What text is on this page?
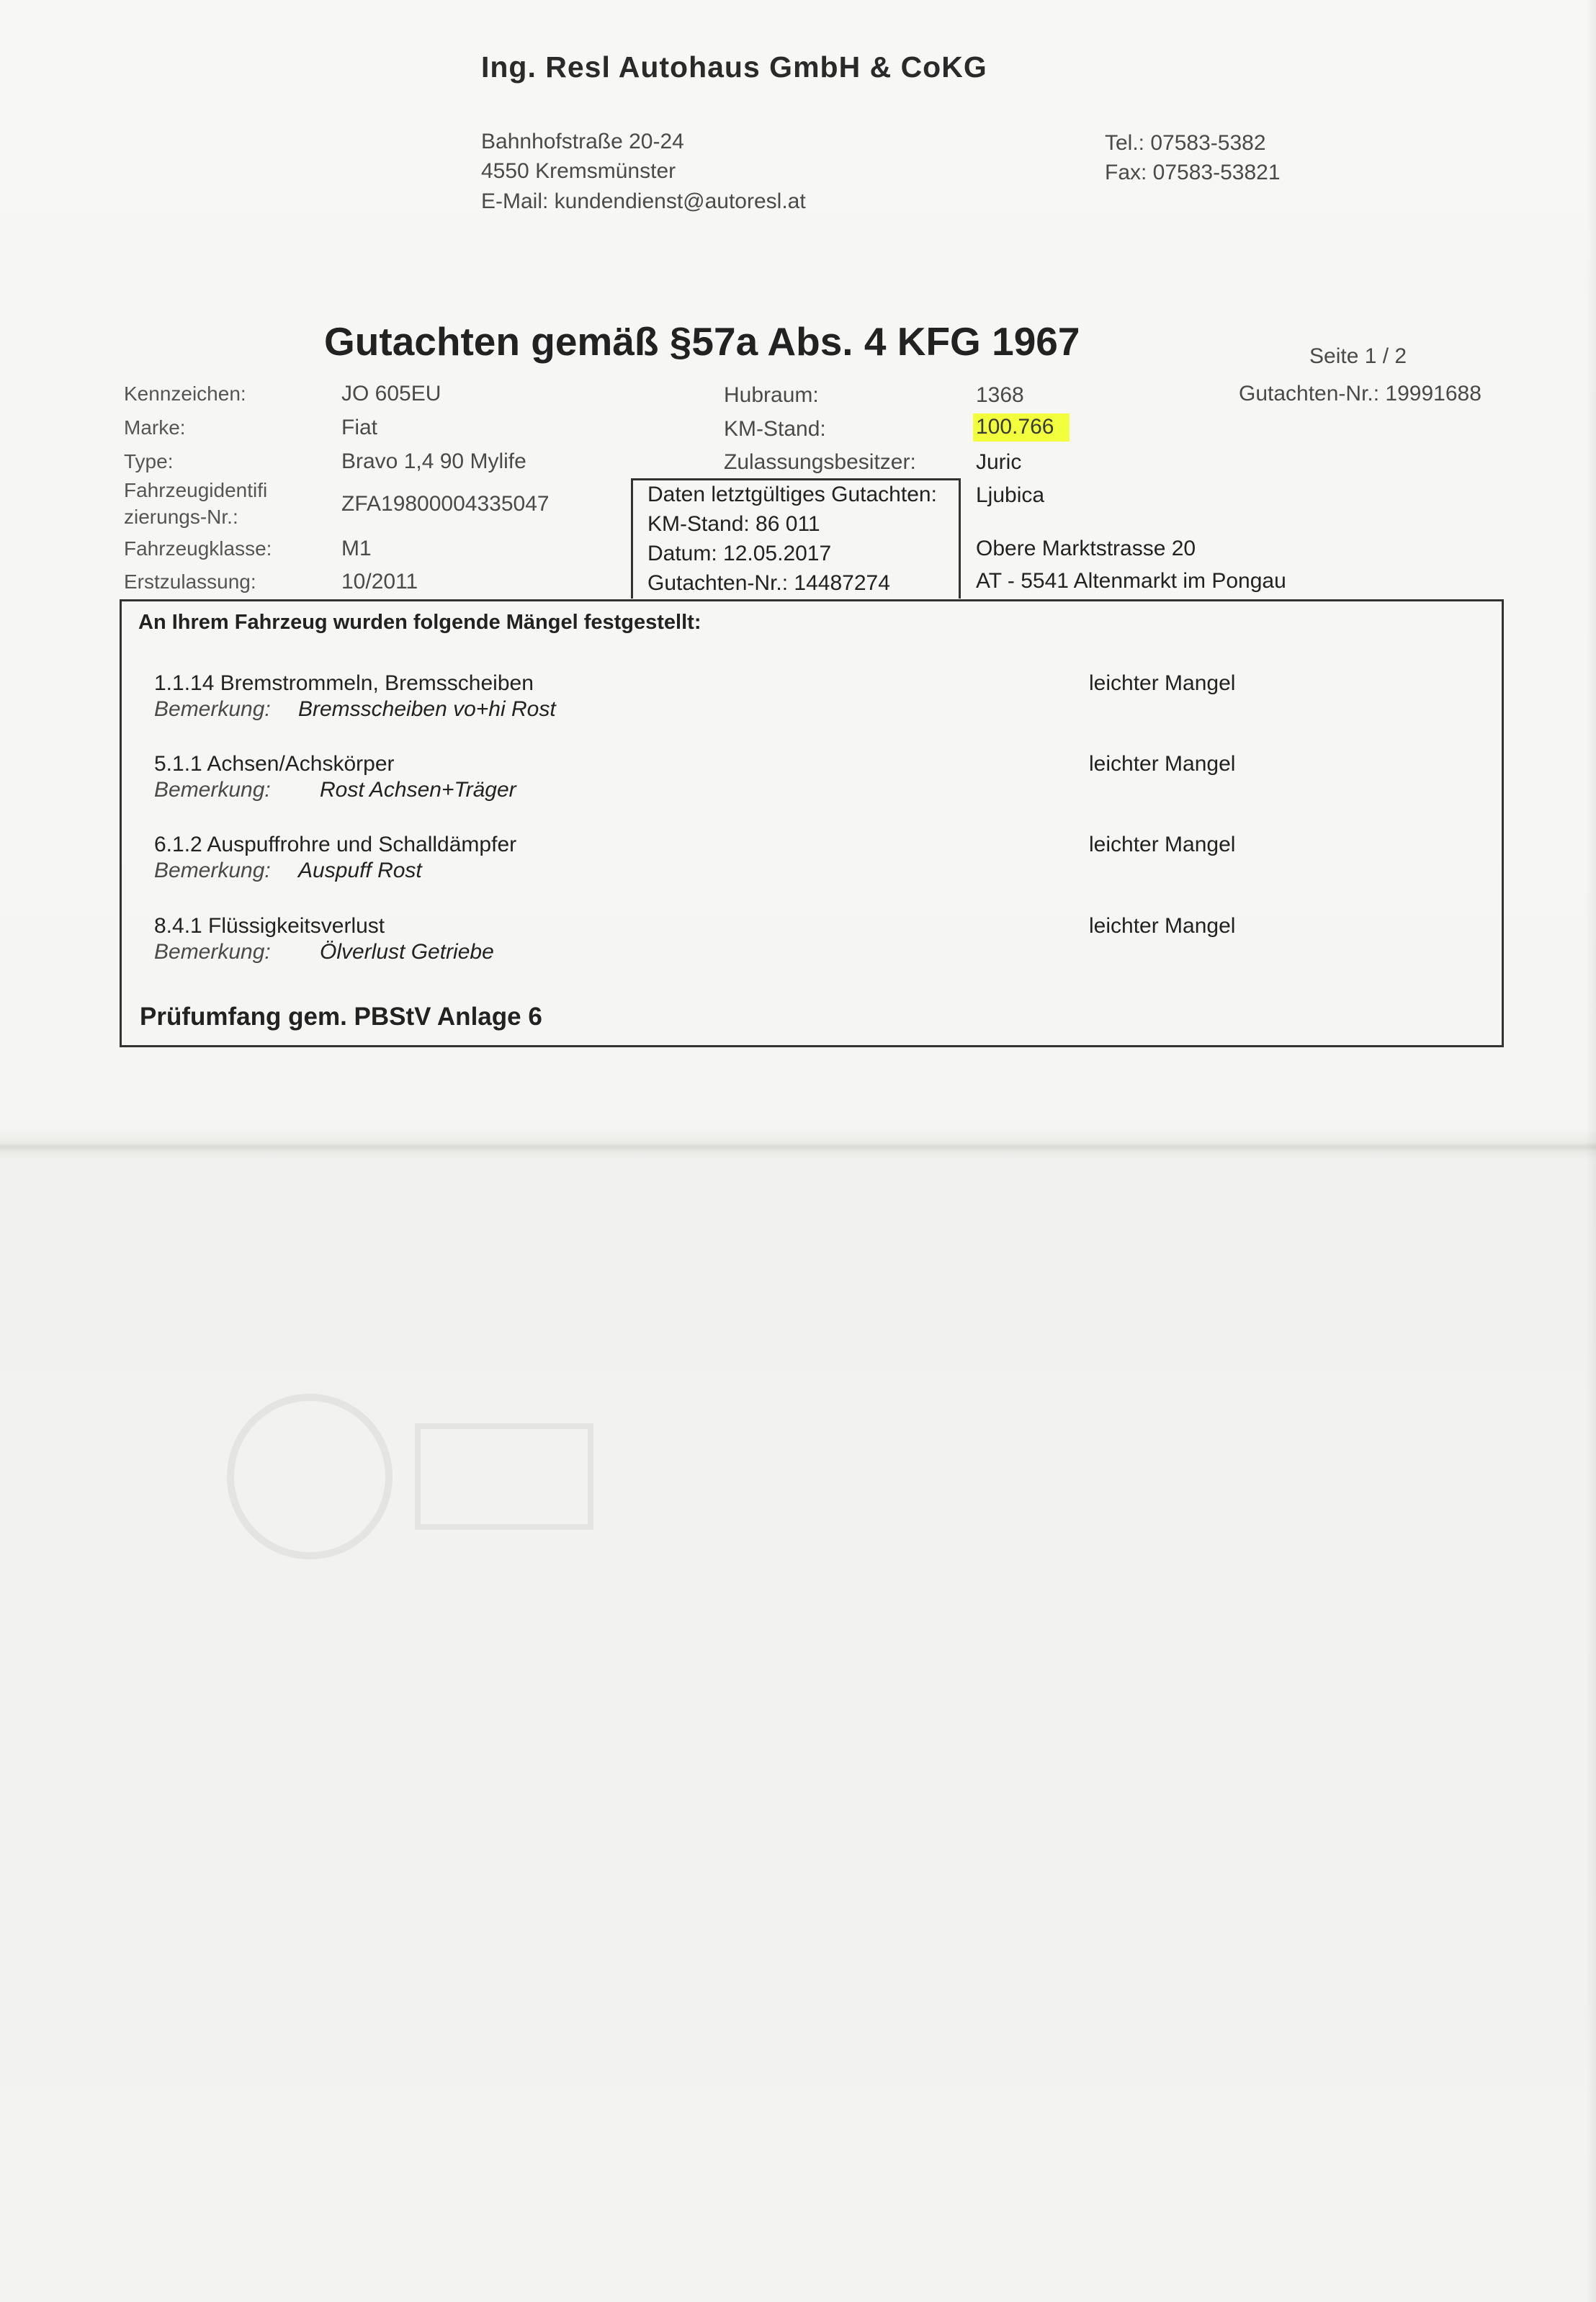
Ing. Resl Autohaus GmbH & CoKG
Bahnhofstraße 20-24
4550 Kremsmünster
E-Mail: kundendienst@autoresl.at
Tel.: 07583-5382
Fax: 07583-53821
Gutachten gemäß §57a Abs. 4 KFG 1967	Seite 1 / 2
Gutachten-Nr.: 19991688
Kennzeichen:	JO 605EU
Marke:	Fiat
Type:	Bravo 1,4 90 Mylife
Fahrzeugidentifi
zierungs-Nr.:
ZFA19800004335047
Fahrzeugklasse:	M1
Erstzulassung:	10/2011
Hubraum:	1368
KM-Stand:	100.766
Zulassungsbesitzer:	Juric
Ljubica
Obere Marktstrasse 20
AT - 5541 Altenmarkt im Pongau
Daten letztgültiges Gutachten:
KM-Stand: 86 011
Datum: 12.05.2017
Gutachten-Nr.: 14487274
An Ihrem Fahrzeug wurden folgende Mängel festgestellt:
1.1.14 Bremstrommeln, Bremsscheiben
Bemerkung: Bremsscheiben vo+hi Rost
leichter Mangel
5.1.1 Achsen/Achskörper
Bemerkung: Rost Achsen+Träger
leichter Mangel
6.1.2 Auspuffrohre und Schalldämpfer
Bemerkung: Auspuff Rost
leichter Mangel
8.4.1 Flüssigkeitsverlust
Bemerkung: Ölverlust Getriebe
leichter Mangel
Prüfumfang gem. PBStV Anlage 6
